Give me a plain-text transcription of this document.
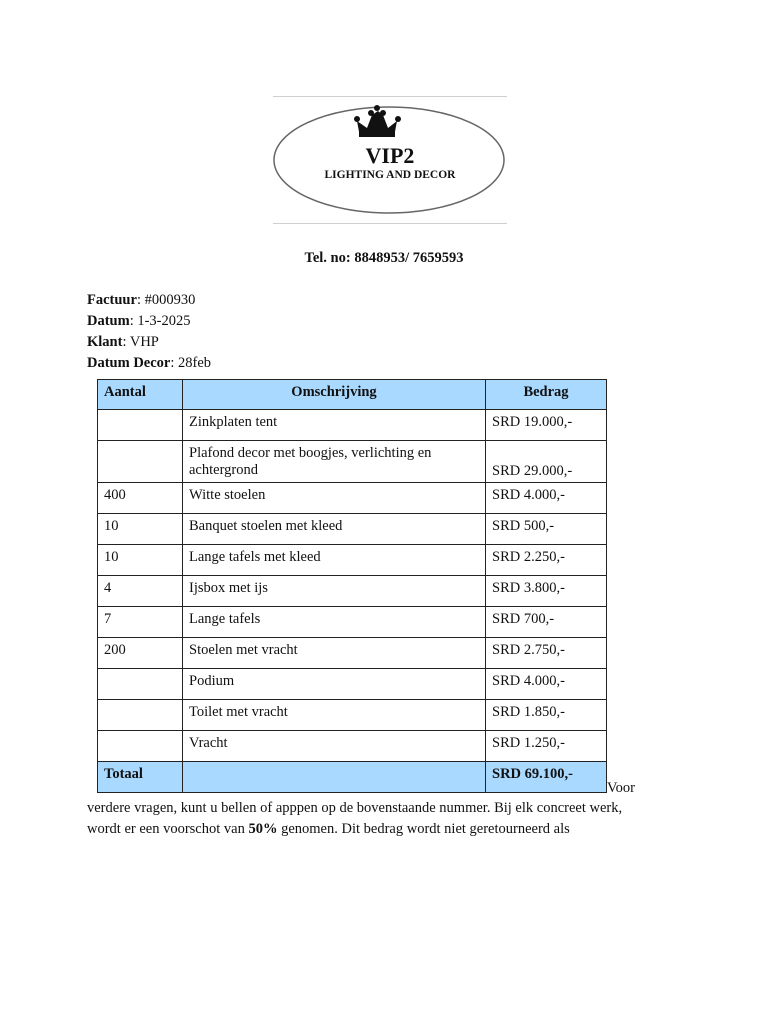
VIP2
LIGHTING AND DECOR
Tel. no: 8848953/ 7659593
Factuur: #000930
Datum: 1-3-2025
Klant: VHP
Datum Decor: 28feb
Aantal	Omschrijving	Bedrag
	Zinkplaten tent	SRD 19.000,-
	Plafond decor met boogjes, verlichting en achtergrond	SRD 29.000,-
400	Witte stoelen	SRD 4.000,-
10	Banquet stoelen met kleed	SRD 500,-
10	Lange tafels met kleed	SRD 2.250,-
4	Ijsbox met ijs	SRD 3.800,-
7	Lange tafels	SRD 700,-
200	Stoelen met vracht	SRD 2.750,-
	Podium	SRD 4.000,-
	Toilet met vracht	SRD 1.850,-
	Vracht	SRD 1.250,-
Totaal		SRD 69.100,-
Voor
verdere vragen, kunt u bellen of apppen op de bovenstaande nummer. Bij elk concreet werk, wordt er een voorschot van 50% genomen. Dit bedrag wordt niet geretourneerd als
